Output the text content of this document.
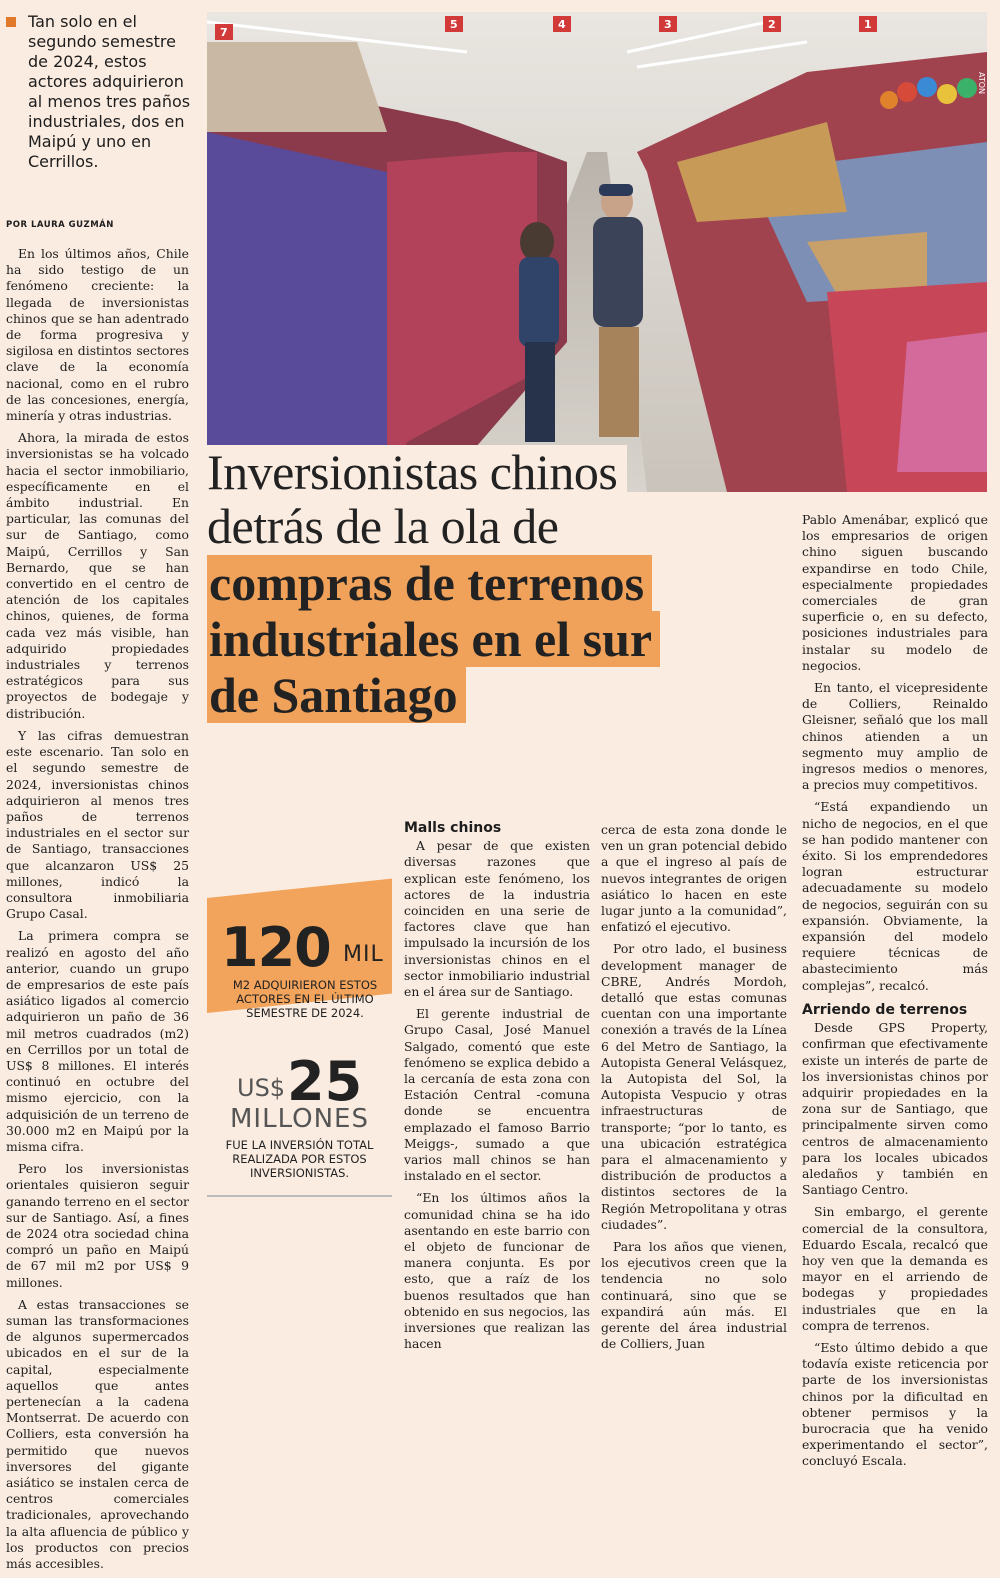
Tan solo en el segundo semestre de 2024, estos actores adquirieron al menos tres paños industriales, dos en Maipú y uno en Cerrillos.
POR LAURA GUZMÁN

En los últimos años, Chile ha sido testigo de un fenómeno creciente: la llegada de inversionistas chinos que se han adentrado de forma progresiva y sigilosa en distintos sectores clave de la economía nacional, como en el rubro de las concesiones, energía, minería y otras industrias.

Ahora, la mirada de estos inversionistas se ha volcado hacia el sector inmobiliario, específicamente en el ámbito industrial. En particular, las comunas del sur de Santiago, como Maipú, Cerrillos y San Bernardo, que se han convertido en el centro de atención de los capitales chinos, quienes, de forma cada vez más visible, han adquirido propiedades industriales y terrenos estratégicos para sus proyectos de bodegaje y distribución.

Y las cifras demuestran este escenario. Tan solo en el segundo semestre de 2024, inversionistas chinos adquirieron al menos tres paños de terrenos industriales en el sector sur de Santiago, transacciones que alcanzaron US$ 25 millones, indicó la consultora inmobiliaria Grupo Casal.

La primera compra se realizó en agosto del año anterior, cuando un grupo de empresarios de este país asiático ligados al comercio adquirieron un paño de 36 mil metros cuadrados (m2) en Cerrillos por un total de US$ 8 millones. El interés continuó en octubre del mismo ejercicio, con la adquisición de un terreno de 30.000 m2 en Maipú por la misma cifra.

Pero los inversionistas orientales quisieron seguir ganando terreno en el sector sur de Santiago. Así, a fines de 2024 otra sociedad china compró un paño en Maipú de 67 mil m2 por US$ 9 millones.

A estas transacciones se suman las transformaciones de algunos supermercados ubicados en el sur de la capital, especialmente aquellos que antes pertenecían a la cadena Montserrat. De acuerdo con Colliers, esta conversión ha permitido que nuevos inversores del gigante asiático se instalen cerca de centros comerciales tradicionales, aprovechando la alta afluencia de público y los productos con precios más accesibles.

7
5	4	3	2	1
ATON
Inversionistas chinos
detrás de la ola de
compras de terrenos
industriales en el sur
de Santiago
120 MIL
M2 ADQUIRIERON ESTOS ACTORES EN EL ÚLTIMO SEMESTRE DE 2024.
US$ 25
MILLONES
FUE LA INVERSIÓN TOTAL REALIZADA POR ESTOS INVERSIONISTAS.
Malls chinos

A pesar de que existen diversas razones que explican este fenómeno, los actores de la industria coinciden en una serie de factores clave que han impulsado la incursión de los inversionistas chinos en el sector inmobiliario industrial en el área sur de Santiago.

El gerente industrial de Grupo Casal, José Manuel Salgado, comentó que este fenómeno se explica debido a la cercanía de esta zona con Estación Central -comuna donde se encuentra emplazado el famoso Barrio Meiggs-, sumado a que varios mall chinos se han instalado en el sector.

“En los últimos años la comunidad china se ha ido asentando en este barrio con el objeto de funcionar de manera conjunta. Es por esto, que a raíz de los buenos resultados que han obtenido en sus negocios, las inversiones que realizan las hacen

cerca de esta zona donde le ven un gran potencial debido a que el ingreso al país de nuevos integrantes de origen asiático lo hacen en este lugar junto a la comunidad”, enfatizó el ejecutivo.

Por otro lado, el business development manager de CBRE, Andrés Mordoh, detalló que estas comunas cuentan con una importante conexión a través de la Línea 6 del Metro de Santiago, la Autopista General Velásquez, la Autopista del Sol, la Autopista Vespucio y otras infraestructuras de transporte; “por lo tanto, es una ubicación estratégica para el almacenamiento y distribución de productos a distintos sectores de la Región Metropolitana y otras ciudades”.

Para los años que vienen, los ejecutivos creen que la tendencia no solo continuará, sino que se expandirá aún más. El gerente del área industrial de Colliers, Juan

Pablo Amenábar, explicó que los empresarios de origen chino siguen buscando expandirse en todo Chile, especialmente propiedades comerciales de gran superficie o, en su defecto, posiciones industriales para instalar su modelo de negocios.

En tanto, el vicepresidente de Colliers, Reinaldo Gleisner, señaló que los mall chinos atienden a un segmento muy amplio de ingresos medios o menores, a precios muy competitivos.

“Está expandiendo un nicho de negocios, en el que se han podido mantener con éxito. Si los emprendedores logran estructurar adecuadamente su modelo de negocios, seguirán con su expansión. Obviamente, la expansión del modelo requiere técnicas de abastecimiento más complejas”, recalcó.

Arriendo de terrenos

Desde GPS Property, confirman que efectivamente existe un interés de parte de los inversionistas chinos por adquirir propiedades en la zona sur de Santiago, que principalmente sirven como centros de almacenamiento para los locales ubicados aledaños y también en Santiago Centro.

Sin embargo, el gerente comercial de la consultora, Eduardo Escala, recalcó que hoy ven que la demanda es mayor en el arriendo de bodegas y propiedades industriales que en la compra de terrenos.

“Esto último debido a que todavía existe reticencia por parte de los inversionistas chinos por la dificultad en obtener permisos y la burocracia que ha venido experimentando el sector”, concluyó Escala.
